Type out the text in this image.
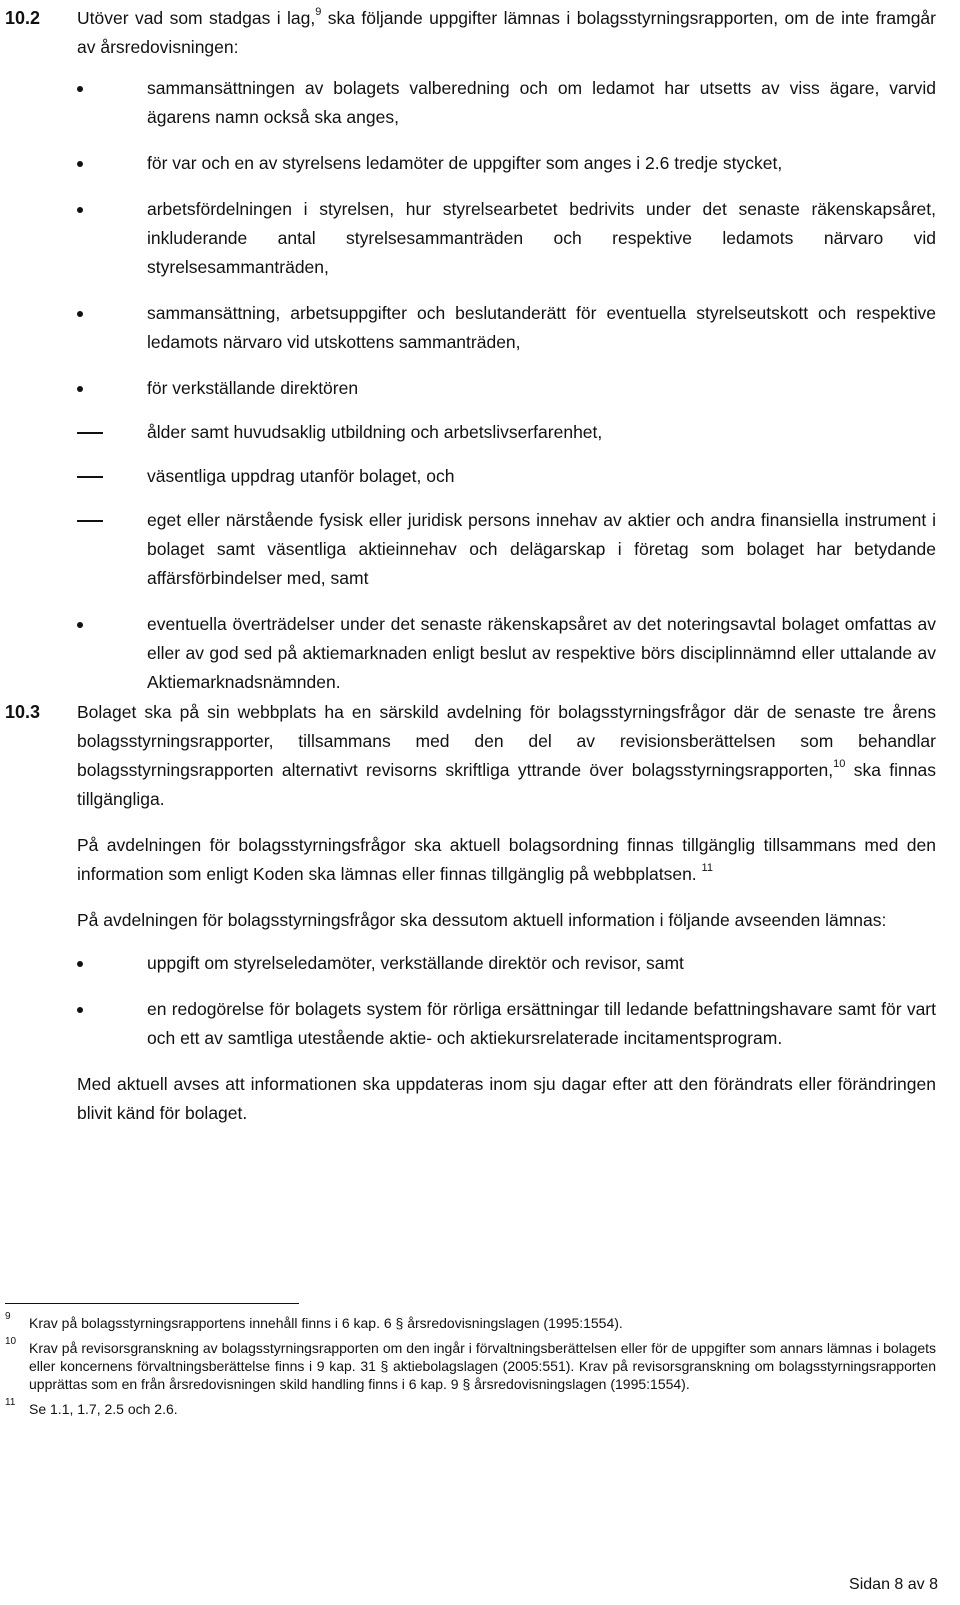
10.2 Utöver vad som stadgas i lag,$^9$ ska följande uppgifter lämnas i bolagsstyrningsrapporten, om de inte framgår av årsredovisningen:

sammansättningen av bolagets valberedning och om ledamot har utsetts av viss ägare, varvid ägarens namn också ska anges,
för var och en av styrelsens ledamöter de uppgifter som anges i 2.6 tredje stycket,
arbetsfördelningen i styrelsen, hur styrelsearbetet bedrivits under det senaste räkenskapsåret, inkluderande antal styrelsesammanträden och respektive ledamots närvaro vid styrelsesammanträden,
sammansättning, arbetsuppgifter och beslutanderätt för eventuella styrelseutskott och respektive ledamots närvaro vid utskottens sammanträden,
för verkställande direktören
ålder samt huvudsaklig utbildning och arbetslivserfarenhet,
väsentliga uppdrag utanför bolaget, och
eget eller närstående fysisk eller juridisk persons innehav av aktier och andra finansiella instrument i bolaget samt väsentliga aktieinnehav och delägarskap i företag som bolaget har betydande affärsförbindelser med, samt
eventuella överträdelser under det senaste räkenskapsåret av det noteringsavtal bolaget omfattas av eller av god sed på aktiemarknaden enligt beslut av respektive börs disciplinnämnd eller uttalande av Aktiemarknadsnämnden.
10.3 Bolaget ska på sin webbplats ha en särskild avdelning för bolagsstyrningsfrågor där de senaste tre årens bolagsstyrningsrapporter, tillsammans med den del av revisionsberättelsen som behandlar bolagsstyrningsrapporten alternativt revisorns skriftliga yttrande över bolagsstyrningsrapporten,$^{10}$ ska finnas tillgängliga.

På avdelningen för bolagsstyrningsfrågor ska aktuell bolagsordning finnas tillgänglig tillsammans med den information som enligt Koden ska lämnas eller finnas tillgänglig på webbplatsen. $^{11}$

På avdelningen för bolagsstyrningsfrågor ska dessutom aktuell information i följande avseenden lämnas:

uppgift om styrelseledamöter, verkställande direktör och revisor, samt
en redogörelse för bolagets system för rörliga ersättningar till ledande befattningshavare samt för vart och ett av samtliga utestående aktie- och aktiekursrelaterade incitamentsprogram.

Med aktuell avses att informationen ska uppdateras inom sju dagar efter att den förändrats eller förändringen blivit känd för bolaget.

9 Krav på bolagsstyrningsrapportens innehåll finns i 6 kap. 6 § årsredovisningslagen (1995:1554).
10 Krav på revisorsgranskning av bolagsstyrningsrapporten om den ingår i förvaltningsberättelsen eller för de uppgifter som annars lämnas i bolagets eller koncernens förvaltningsberättelse finns i 9 kap. 31 § aktiebolagslagen (2005:551). Krav på revisorsgranskning om bolagsstyrningsrapporten upprättas som en från årsredovisningen skild handling finns i 6 kap. 9 § årsredovisningslagen (1995:1554).
11 Se 1.1, 1.7, 2.5 och 2.6.
Sidan 8 av 8
